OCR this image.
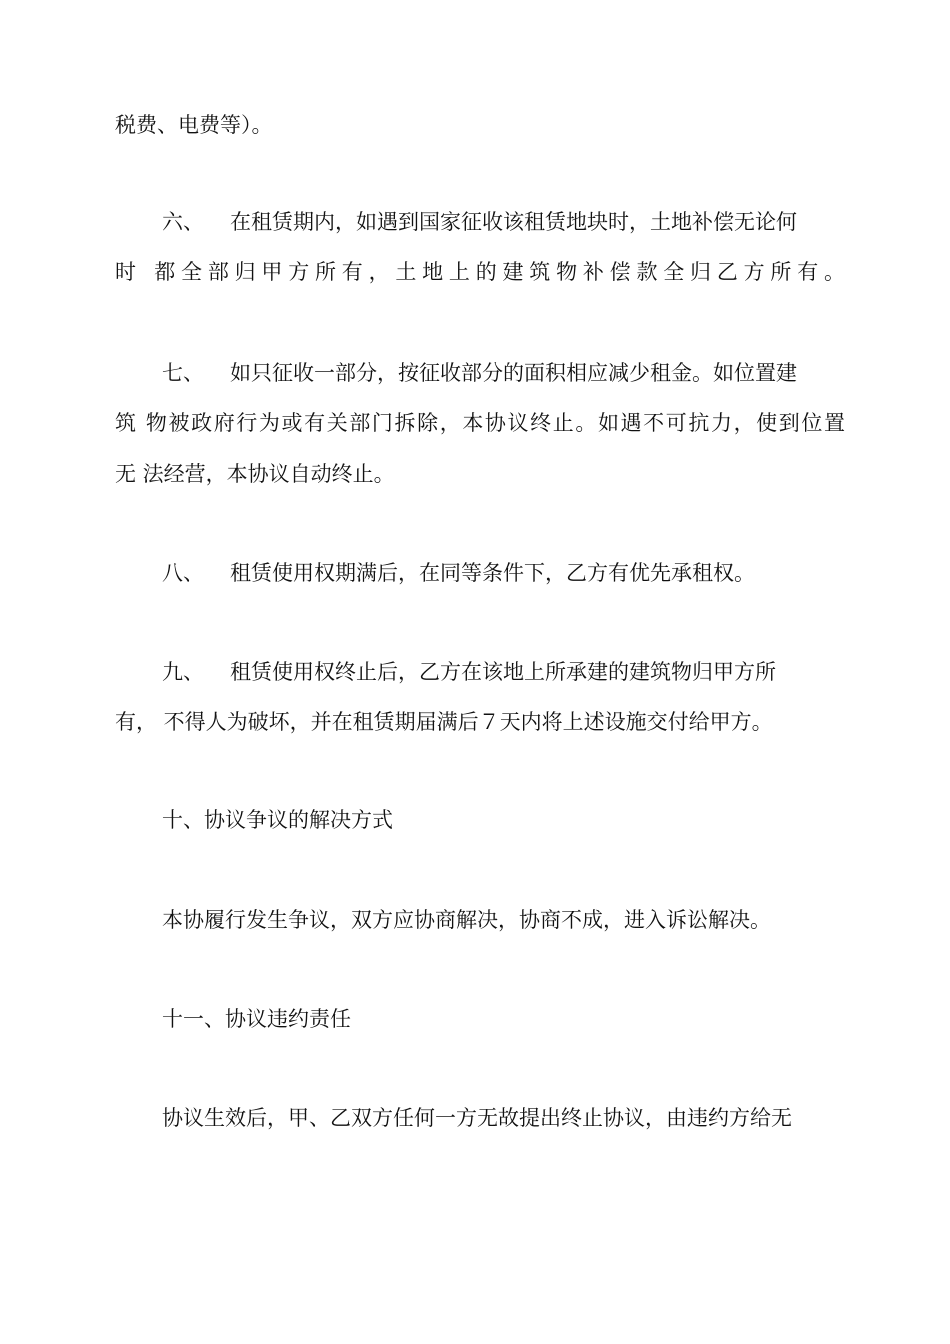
税费、电费等）。
六、 在租赁期内，如遇到国家征收该租赁地块时，土地补偿无论何
时 都全部归甲方所有，土地上的建筑物补偿款全归乙方所有。
七、 如只征收一部分，按征收部分的面积相应减少租金。如位置建
筑 物被政府行为或有关部门拆除，本协议终止。如遇不可抗力，使到位置
无 法经营，本协议自动终止。
八、 租赁使用权期满后，在同等条件下，乙方有优先承租权。
九、 租赁使用权终止后，乙方在该地上所承建的建筑物归甲方所
有， 不得人为破坏，并在租赁期届满后７天内将上述设施交付给甲方。
十、协议争议的解决方式
本协履行发生争议，双方应协商解决，协商不成，进入诉讼解决。
十一、协议违约责任
协议生效后，甲、乙双方任何一方无故提出终止协议，由违约方给无
